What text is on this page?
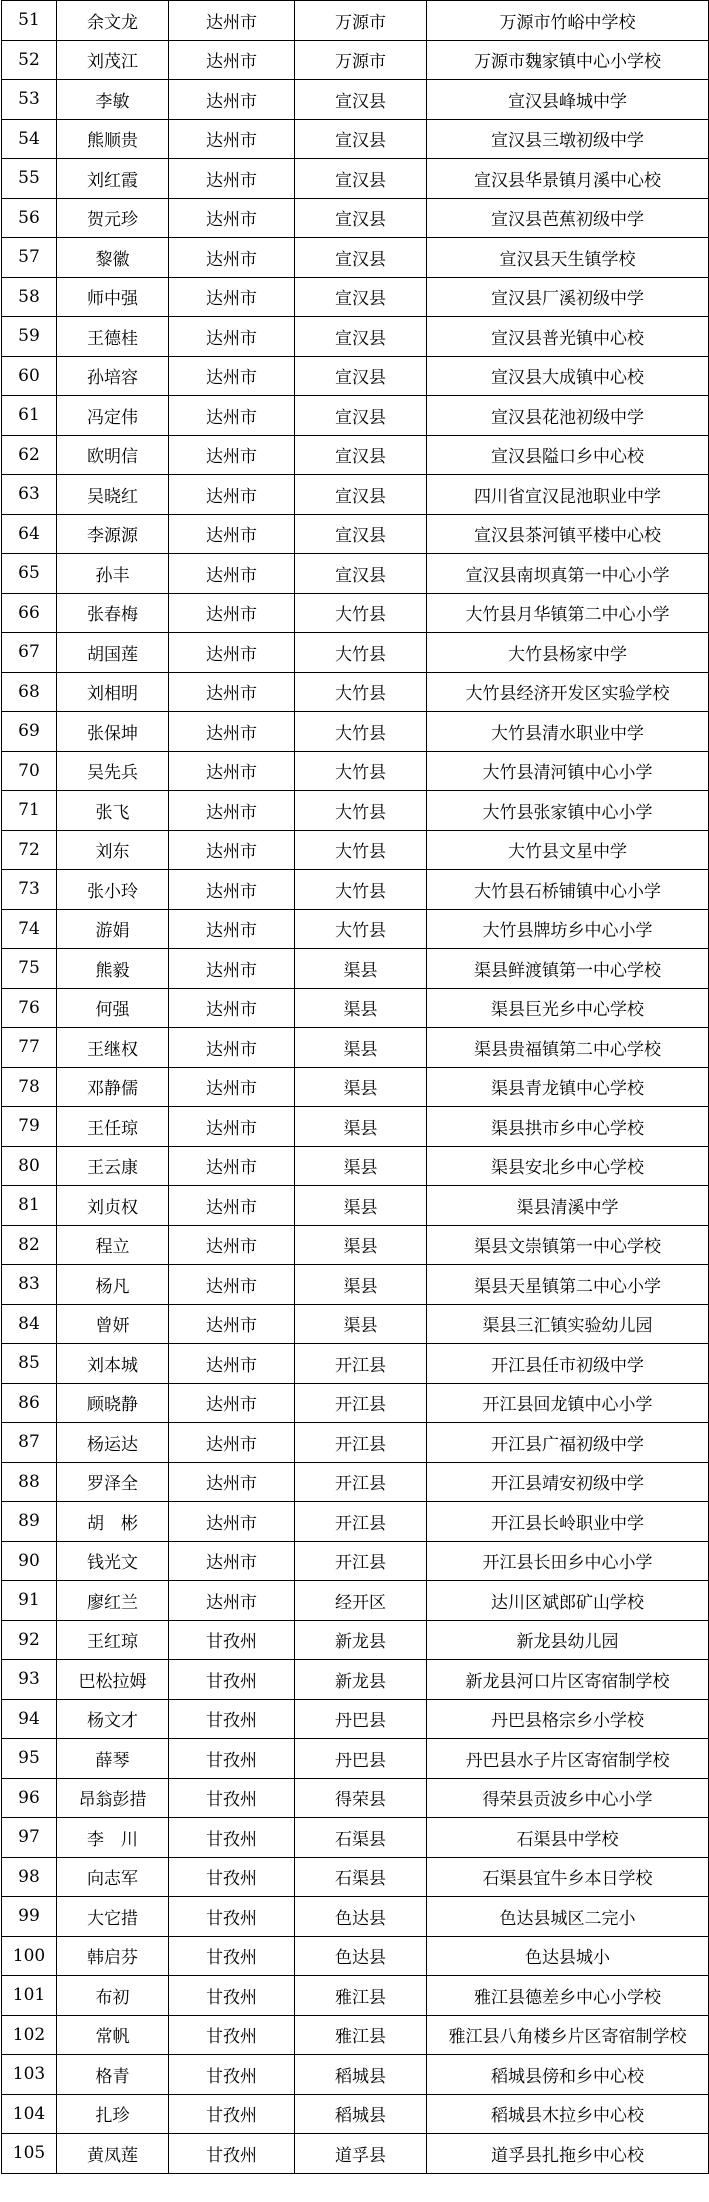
51	余文龙	达州市	万源市	万源市竹峪中学校
52	刘茂江	达州市	万源市	万源市魏家镇中心小学校
53	李敏	达州市	宣汉县	宣汉县峰城中学
54	熊顺贵	达州市	宣汉县	宣汉县三墩初级中学
55	刘红霞	达州市	宣汉县	宣汉县华景镇月溪中心校
56	贺元珍	达州市	宣汉县	宣汉县芭蕉初级中学
57	黎徽	达州市	宣汉县	宣汉县天生镇学校
58	师中强	达州市	宣汉县	宣汉县厂溪初级中学
59	王德桂	达州市	宣汉县	宣汉县普光镇中心校
60	孙培容	达州市	宣汉县	宣汉县大成镇中心校
61	冯定伟	达州市	宣汉县	宣汉县花池初级中学
62	欧明信	达州市	宣汉县	宣汉县隘口乡中心校
63	吴晓红	达州市	宣汉县	四川省宣汉昆池职业中学
64	李源源	达州市	宣汉县	宣汉县茶河镇平楼中心校
65	孙丰	达州市	宣汉县	宣汉县南坝真第一中心小学
66	张春梅	达州市	大竹县	大竹县月华镇第二中心小学
67	胡国莲	达州市	大竹县	大竹县杨家中学
68	刘相明	达州市	大竹县	大竹县经济开发区实验学校
69	张保坤	达州市	大竹县	大竹县清水职业中学
70	吴先兵	达州市	大竹县	大竹县清河镇中心小学
71	张飞	达州市	大竹县	大竹县张家镇中心小学
72	刘东	达州市	大竹县	大竹县文星中学
73	张小玲	达州市	大竹县	大竹县石桥铺镇中心小学
74	游娟	达州市	大竹县	大竹县牌坊乡中心小学
75	熊毅	达州市	渠县	渠县鲜渡镇第一中心学校
76	何强	达州市	渠县	渠县巨光乡中心学校
77	王继权	达州市	渠县	渠县贵福镇第二中心学校
78	邓静儒	达州市	渠县	渠县青龙镇中心学校
79	王任琼	达州市	渠县	渠县拱市乡中心学校
80	王云康	达州市	渠县	渠县安北乡中心学校
81	刘贞权	达州市	渠县	渠县清溪中学
82	程立	达州市	渠县	渠县文崇镇第一中心学校
83	杨凡	达州市	渠县	渠县天星镇第二中心小学
84	曾妍	达州市	渠县	渠县三汇镇实验幼儿园
85	刘本城	达州市	开江县	开江县任市初级中学
86	顾晓静	达州市	开江县	开江县回龙镇中心小学
87	杨运达	达州市	开江县	开江县广福初级中学
88	罗泽全	达州市	开江县	开江县靖安初级中学
89	胡　彬	达州市	开江县	开江县长岭职业中学
90	钱光文	达州市	开江县	开江县长田乡中心小学
91	廖红兰	达州市	经开区	达川区斌郎矿山学校
92	王红琼	甘孜州	新龙县	新龙县幼儿园
93	巴松拉姆	甘孜州	新龙县	新龙县河口片区寄宿制学校
94	杨文才	甘孜州	丹巴县	丹巴县格宗乡小学校
95	薛琴	甘孜州	丹巴县	丹巴县水子片区寄宿制学校
96	昂翁彭措	甘孜州	得荣县	得荣县贡波乡中心小学
97	李　川	甘孜州	石渠县	石渠县中学校
98	向志军	甘孜州	石渠县	石渠县宜牛乡本日学校
99	大它措	甘孜州	色达县	色达县城区二完小
100	韩启芬	甘孜州	色达县	色达县城小
101	布初	甘孜州	雅江县	雅江县德差乡中心小学校
102	常帆	甘孜州	雅江县	雅江县八角楼乡片区寄宿制学校
103	格青	甘孜州	稻城县	稻城县傍和乡中心校
104	扎珍	甘孜州	稻城县	稻城县木拉乡中心校
105	黄凤莲	甘孜州	道孚县	道孚县扎拖乡中心校
